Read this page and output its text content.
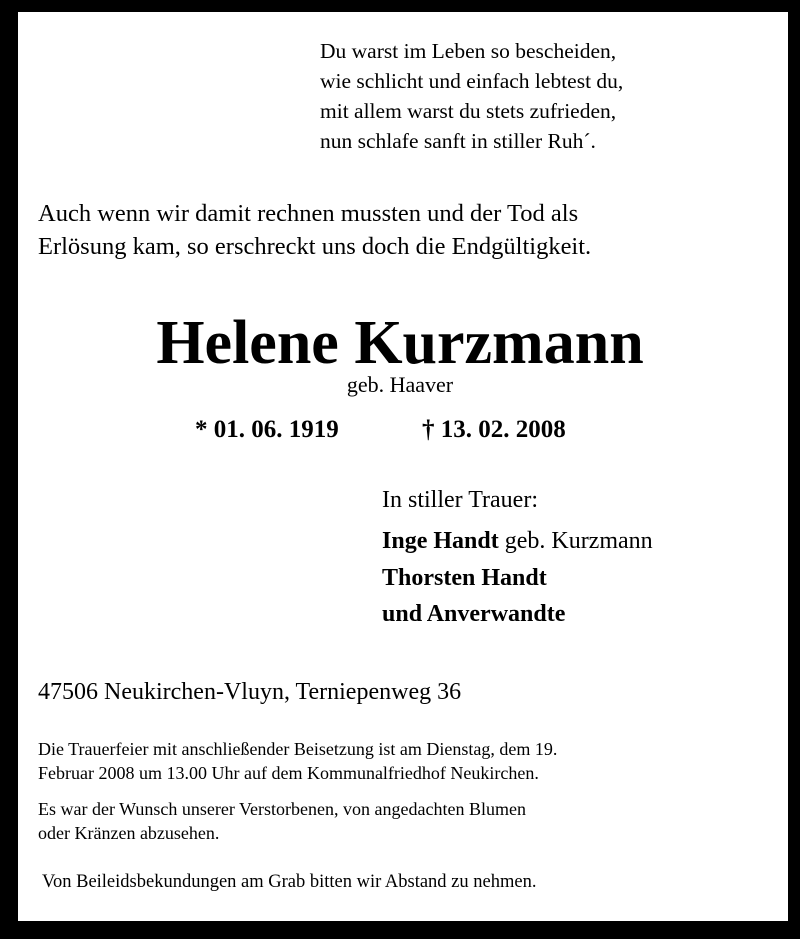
Du warst im Leben so bescheiden,
wie schlicht und einfach lebtest du,
mit allem warst du stets zufrieden,
nun schlafe sanft in stiller Ruh´.
Auch wenn wir damit rechnen mussten und der Tod als
Erlösung kam, so erschreckt uns doch die Endgültigkeit.
Helene Kurzmann
geb. Haaver
* 01. 06. 1919	† 13. 02. 2008
In stiller Trauer:
Inge Handt geb. Kurzmann
Thorsten Handt
und Anverwandte
47506 Neukirchen-Vluyn, Terniepenweg 36
Die Trauerfeier mit anschließender Beisetzung ist am Dienstag, dem 19.
Februar 2008 um 13.00 Uhr auf dem Kommunalfriedhof Neukirchen.
Es war der Wunsch unserer Verstorbenen, von angedachten Blumen
oder Kränzen abzusehen.
Von Beileidsbekundungen am Grab bitten wir Abstand zu nehmen.
